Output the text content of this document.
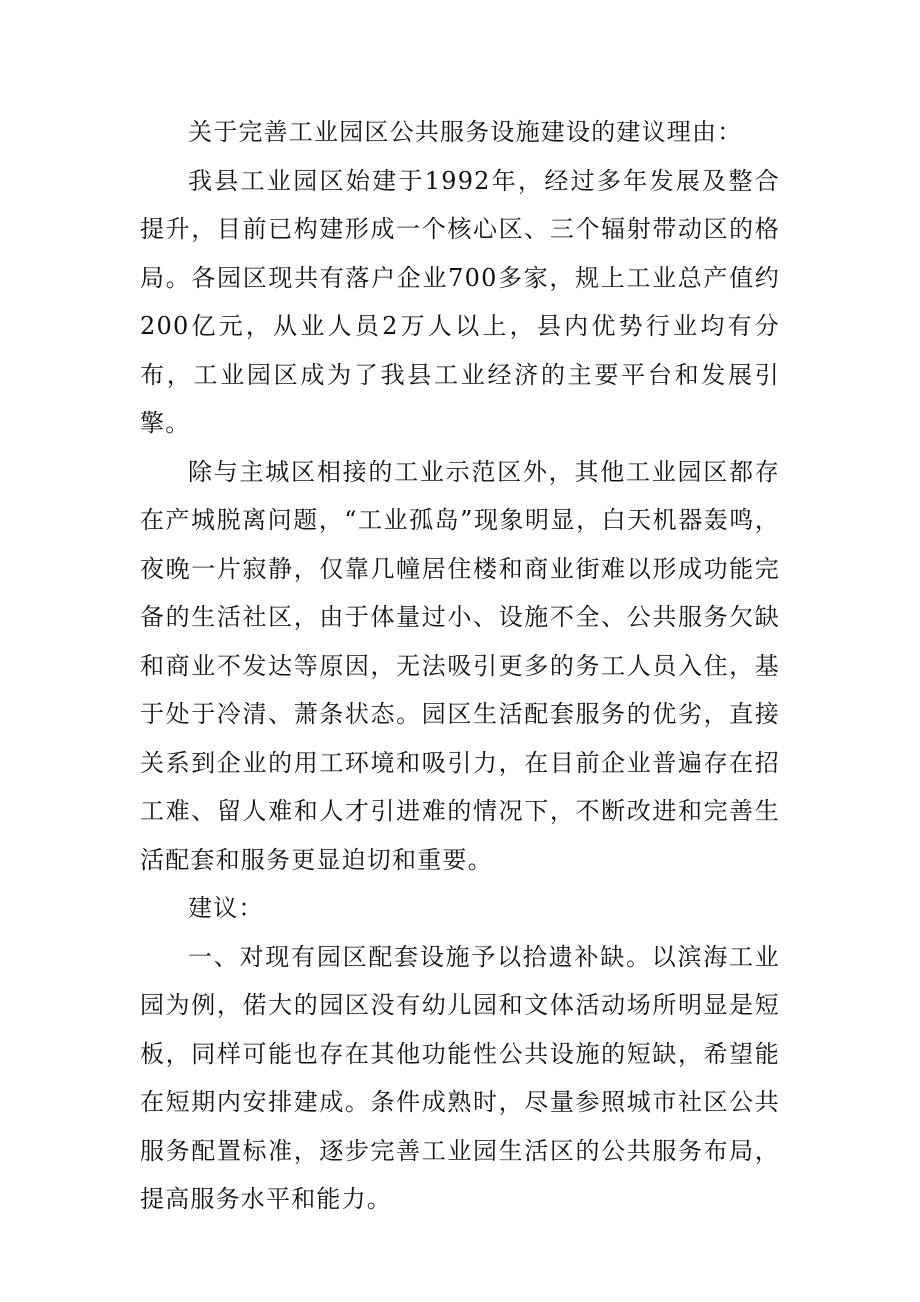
关于完善工业园区公共服务设施建设的建议理由：

我县工业园区始建于1992年，经过多年发展及整合提升，目前已构建形成一个核心区、三个辐射带动区的格局。各园区现共有落户企业700多家，规上工业总产值约200亿元，从业人员2万人以上，县内优势行业均有分布，工业园区成为了我县工业经济的主要平台和发展引擎。

除与主城区相接的工业示范区外，其他工业园区都存在产城脱离问题，“工业孤岛”现象明显，白天机器轰鸣，夜晚一片寂静，仅靠几幢居住楼和商业街难以形成功能完备的生活社区，由于体量过小、设施不全、公共服务欠缺和商业不发达等原因，无法吸引更多的务工人员入住，基于处于冷清、萧条状态。园区生活配套服务的优劣，直接关系到企业的用工环境和吸引力，在目前企业普遍存在招工难、留人难和人才引进难的情况下，不断改进和完善生活配套和服务更显迫切和重要。

建议：

一、对现有园区配套设施予以拾遗补缺。以滨海工业园为例，偌大的园区没有幼儿园和文体活动场所明显是短板，同样可能也存在其他功能性公共设施的短缺，希望能在短期内安排建成。条件成熟时，尽量参照城市社区公共服务配置标准，逐步完善工业园生活区的公共服务布局，提高服务水平和能力。
